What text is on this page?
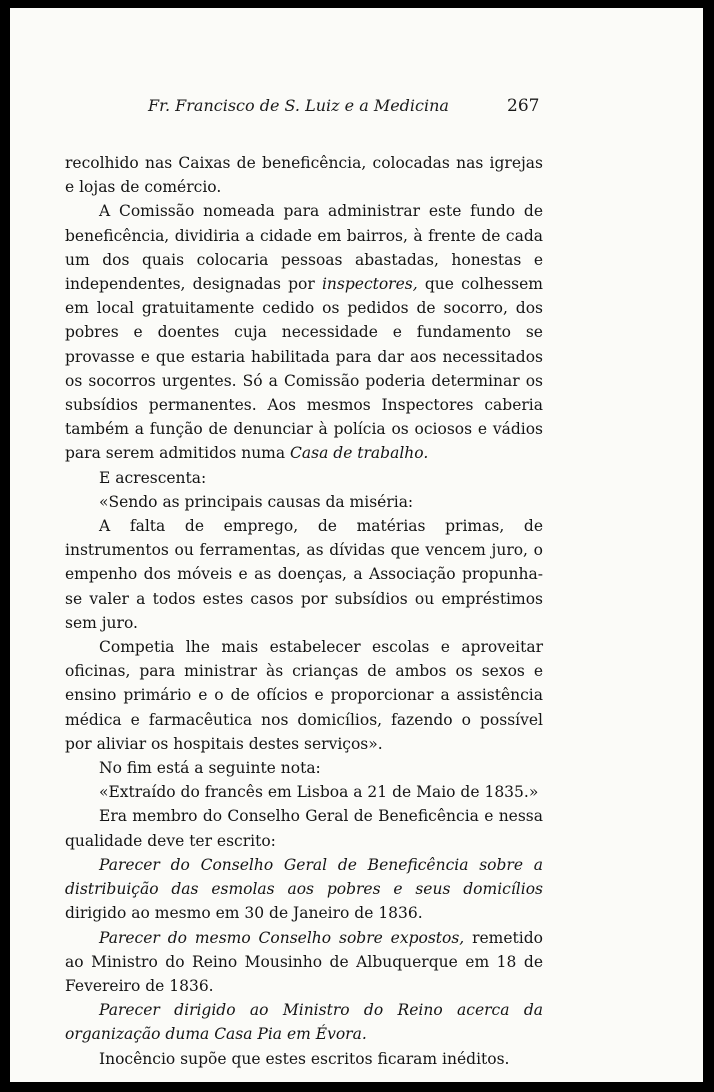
Fr. Francisco de S. Luiz e a Medicina	267

recolhido nas Caixas de beneficência, colocadas nas igrejas e lojas de comércio.

A Comissão nomeada para administrar este fundo de beneficência, dividiria a cidade em bairros, à frente de cada um dos quais colocaria pessoas abastadas, honestas e independentes, designadas por inspectores, que colhessem em local gratuitamente cedido os pedidos de socorro, dos pobres e doentes cuja necessidade e fundamento se provasse e que estaria habilitada para dar aos necessitados os socorros urgentes. Só a Comissão poderia determinar os subsídios permanentes. Aos mesmos Inspectores caberia também a função de denunciar à polícia os ociosos e vádios para serem admitidos numa Casa de trabalho.

E acrescenta:

«Sendo as principais causas da miséria:

A falta de emprego, de matérias primas, de instrumentos ou ferramentas, as dívidas que vencem juro, o empenho dos móveis e as doenças, a Associação propunha-se valer a todos estes casos por subsídios ou empréstimos sem juro.

Competia lhe mais estabelecer escolas e aproveitar oficinas, para ministrar às crianças de ambos os sexos e ensino primário e o de ofícios e proporcionar a assistência médica e farmacêutica nos domicílios, fazendo o possível por aliviar os hospitais destes serviços».

No fim está a seguinte nota:

«Extraído do francês em Lisboa a 21 de Maio de 1835.»

Era membro do Conselho Geral de Beneficência e nessa qualidade deve ter escrito:

Parecer do Conselho Geral de Beneficência sobre a distribuição das esmolas aos pobres e seus domicílios dirigido ao mesmo em 30 de Janeiro de 1836.

Parecer do mesmo Conselho sobre expostos, remetido ao Ministro do Reino Mousinho de Albuquerque em 18 de Fevereiro de 1836.

Parecer dirigido ao Ministro do Reino acerca da organização duma Casa Pia em Évora.

Inocêncio supõe que estes escritos ficaram inéditos.
